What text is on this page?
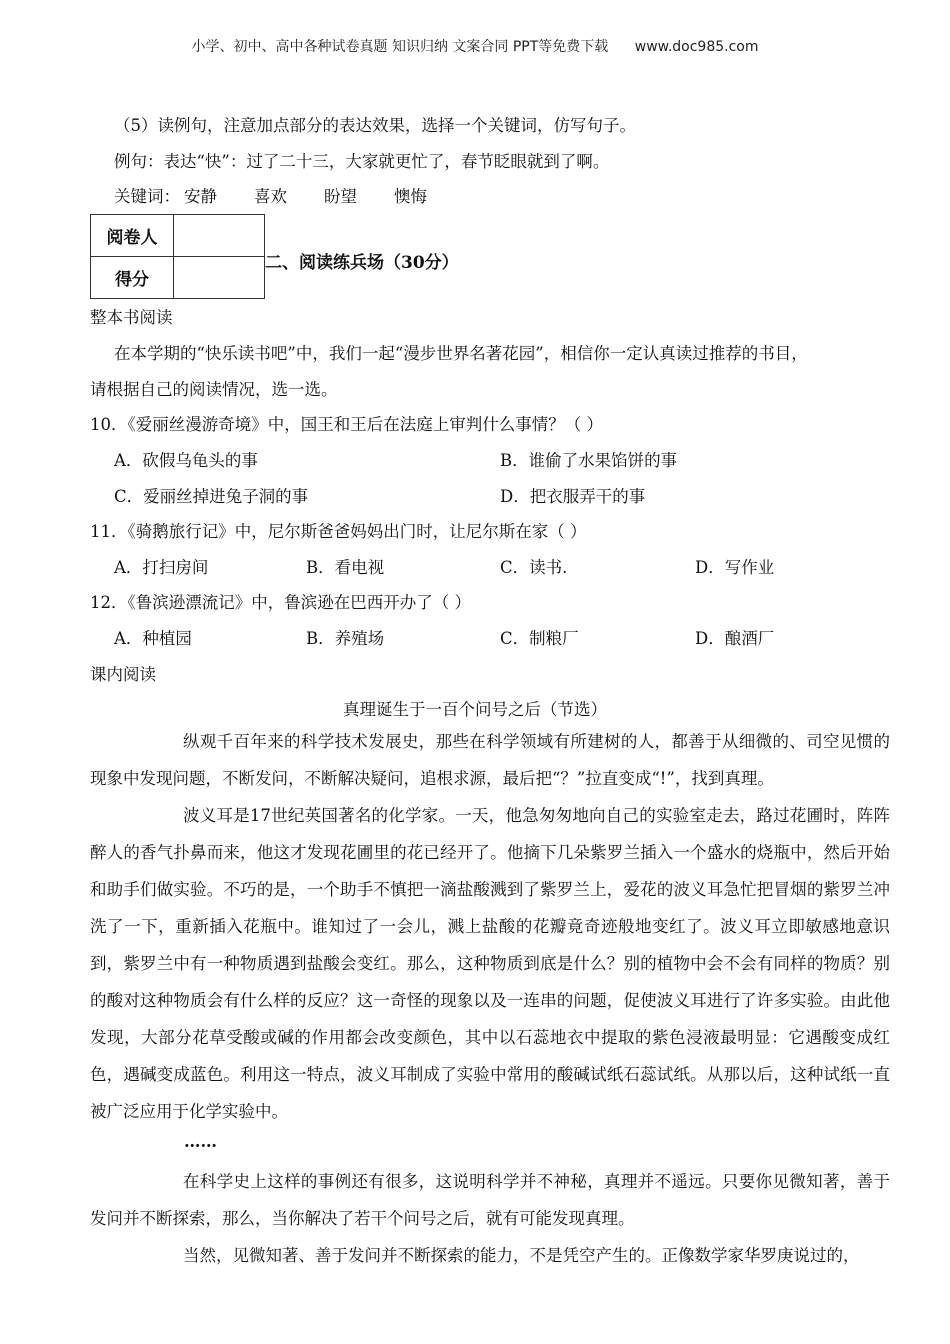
小学、初中、高中各种试卷真题 知识归纳 文案合同 PPT等免费下载 www.doc985.com
（5）读例句，注意加点部分的表达效果，选择一个关键词，仿写句子。
例句：表达“快”：过了二十三，大家就更忙了，春节眨眼就到了啊。
关键词： 安静 喜欢 盼望 懊悔
阅卷人	
得分	
二、阅读练兵场（30分）
整本书阅读
在本学期的“快乐读书吧”中，我们一起“漫步世界名著花园”，相信你一定认真读过推荐的书目，
请根据自己的阅读情况，选一选。
10．《爱丽丝漫游奇境》中，国王和王后在法庭上审判什么事情？（ ）
A．砍假乌龟头的事	B．谁偷了水果馅饼的事
C．爱丽丝掉进兔子洞的事	D．把衣服弄干的事
11．《骑鹅旅行记》中，尼尔斯爸爸妈妈出门时，让尼尔斯在家（ ）
A．打扫房间	B．看电视	C．读书.	D．写作业
12．《鲁滨逊漂流记》中，鲁滨逊在巴西开办了（ ）
A．种植园	B．养殖场	C．制粮厂	D．酿酒厂
课内阅读
真理诞生于一百个问号之后（节选）

纵观千百年来的科学技术发展史，那些在科学领域有所建树的人，都善于从细微的、司空见惯的现象中发现问题，不断发问，不断解决疑问，追根求源，最后把“？”拉直变成“!”，找到真理。

波义耳是17世纪英国著名的化学家。一天，他急匆匆地向自己的实验室走去，路过花圃时，阵阵醉人的香气扑鼻而来，他这才发现花圃里的花已经开了。他摘下几朵紫罗兰插入一个盛水的烧瓶中，然后开始和助手们做实验。不巧的是，一个助手不慎把一滴盐酸溅到了紫罗兰上，爱花的波义耳急忙把冒烟的紫罗兰冲洗了一下，重新插入花瓶中。谁知过了一会儿，溅上盐酸的花瓣竟奇迹般地变红了。波义耳立即敏感地意识到，紫罗兰中有一种物质遇到盐酸会变红。那么，这种物质到底是什么？别的植物中会不会有同样的物质？别的酸对这种物质会有什么样的反应？这一奇怪的现象以及一连串的问题，促使波义耳进行了许多实验。由此他发现，大部分花草受酸或碱的作用都会改变颜色，其中以石蕊地衣中提取的紫色浸液最明显：它遇酸变成红色，遇碱变成蓝色。利用这一特点，波义耳制成了实验中常用的酸碱试纸石蕊试纸。从那以后，这种试纸一直被广泛应用于化学实验中。

……

在科学史上这样的事例还有很多，这说明科学并不神秘，真理并不遥远。只要你见微知著，善于发问并不断探索，那么，当你解决了若干个问号之后，就有可能发现真理。

当然，见微知著、善于发问并不断探索的能力，不是凭空产生的。正像数学家华罗庚说过的，
